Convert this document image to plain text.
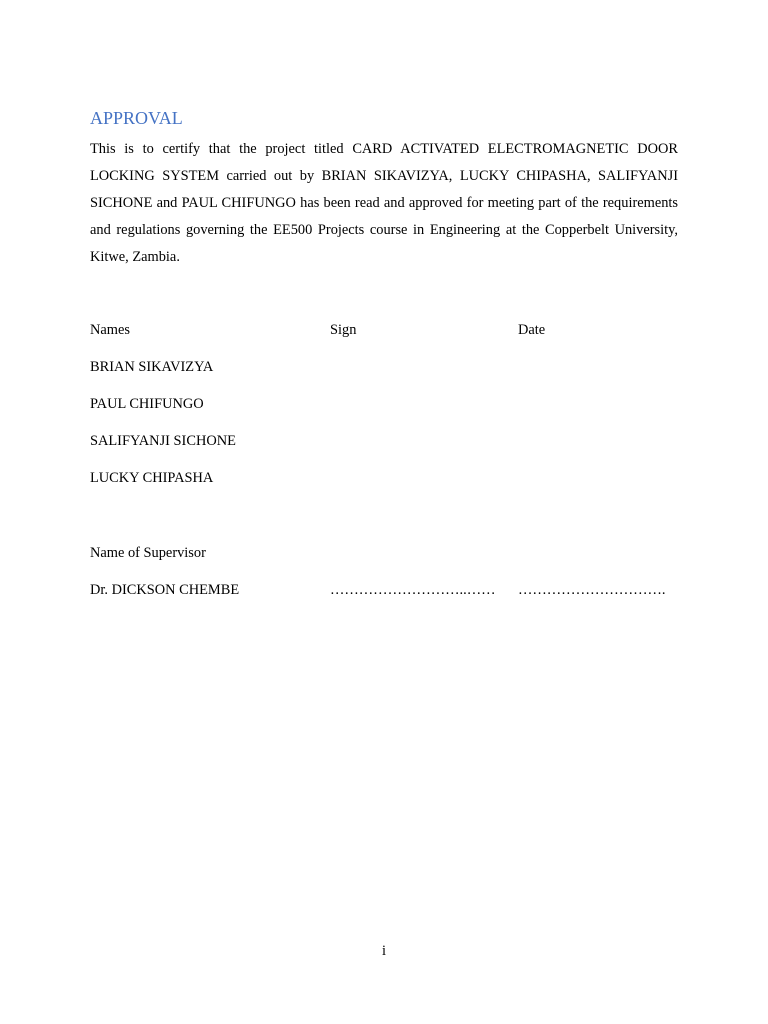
APPROVAL

This is to certify that the project titled CARD ACTIVATED ELECTROMAGNETIC DOOR LOCKING SYSTEM carried out by BRIAN SIKAVIZYA, LUCKY CHIPASHA, SALIFYANJI SICHONE and PAUL CHIFUNGO has been read and approved for meeting part of the requirements and regulations governing the EE500 Projects course in Engineering at the Copperbelt University, Kitwe, Zambia.

Names	Sign	Date
BRIAN SIKAVIZYA
PAUL CHIFUNGO
SALIFYANJI SICHONE
LUCKY CHIPASHA
Name of Supervisor
Dr. DICKSON CHEMBE	………………………..…… ………………………….
i
